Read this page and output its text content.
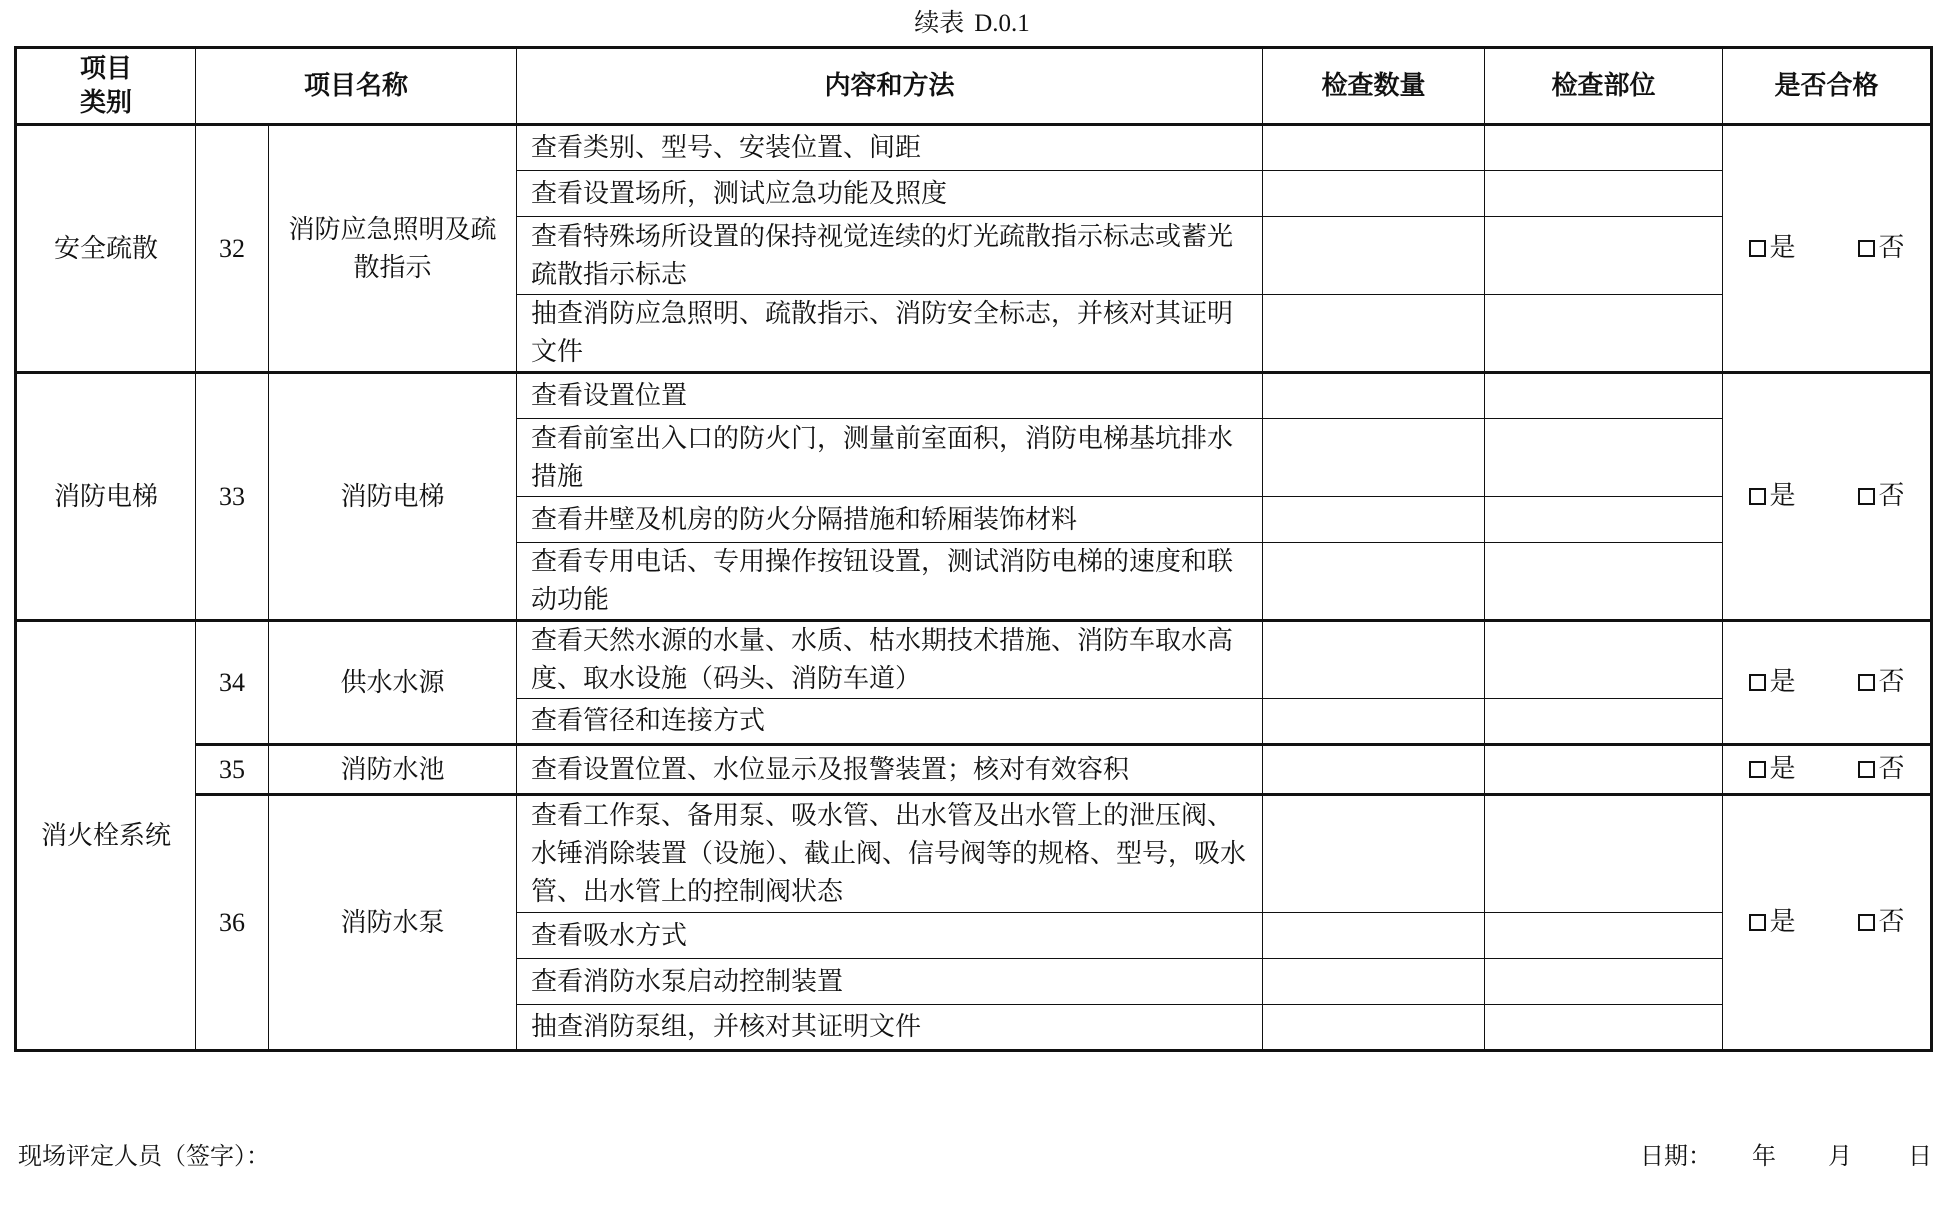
续表 D.0.1
项目
类别	项目名称		内容和方法	检查数量	检查部位	是否合格
安全疏散	32	消防应急照明及疏散指示	查看类别、型号、安装位置、间距			是 否

			查看设置场所，测试应急功能及照度			
			查看特殊场所设置的保持视觉连续的灯光疏散指示标志或蓄光疏散指示标志			
			抽查消防应急照明、疏散指示、消防安全标志，并核对其证明文件			
消防电梯	33	消防电梯	查看设置位置			是 否

			查看前室出入口的防火门，测量前室面积，消防电梯基坑排水措施			
			查看井壁及机房的防火分隔措施和轿厢装饰材料			
			查看专用电话、专用操作按钮设置，测试消防电梯的速度和联动功能			
消火栓系统	34	供水水源	查看天然水源的水量、水质、枯水期技术措施、消防车取水高度、取水设施（码头、消防车道）			是 否

			查看管径和连接方式			
	35	消防水池	查看设置位置、水位显示及报警装置；核对有效容积			是 否

	36	消防水泵	查看工作泵、备用泵、吸水管、出水管及出水管上的泄压阀、水锤消除装置（设施）、截止阀、信号阀等的规格、型号，吸水管、出水管上的控制阀状态			是 否

			查看吸水方式			
			查看消防水泵启动控制装置			
			抽查消防泵组，并核对其证明文件			
现场评定人员（签字）：	日期： 年 月 日
